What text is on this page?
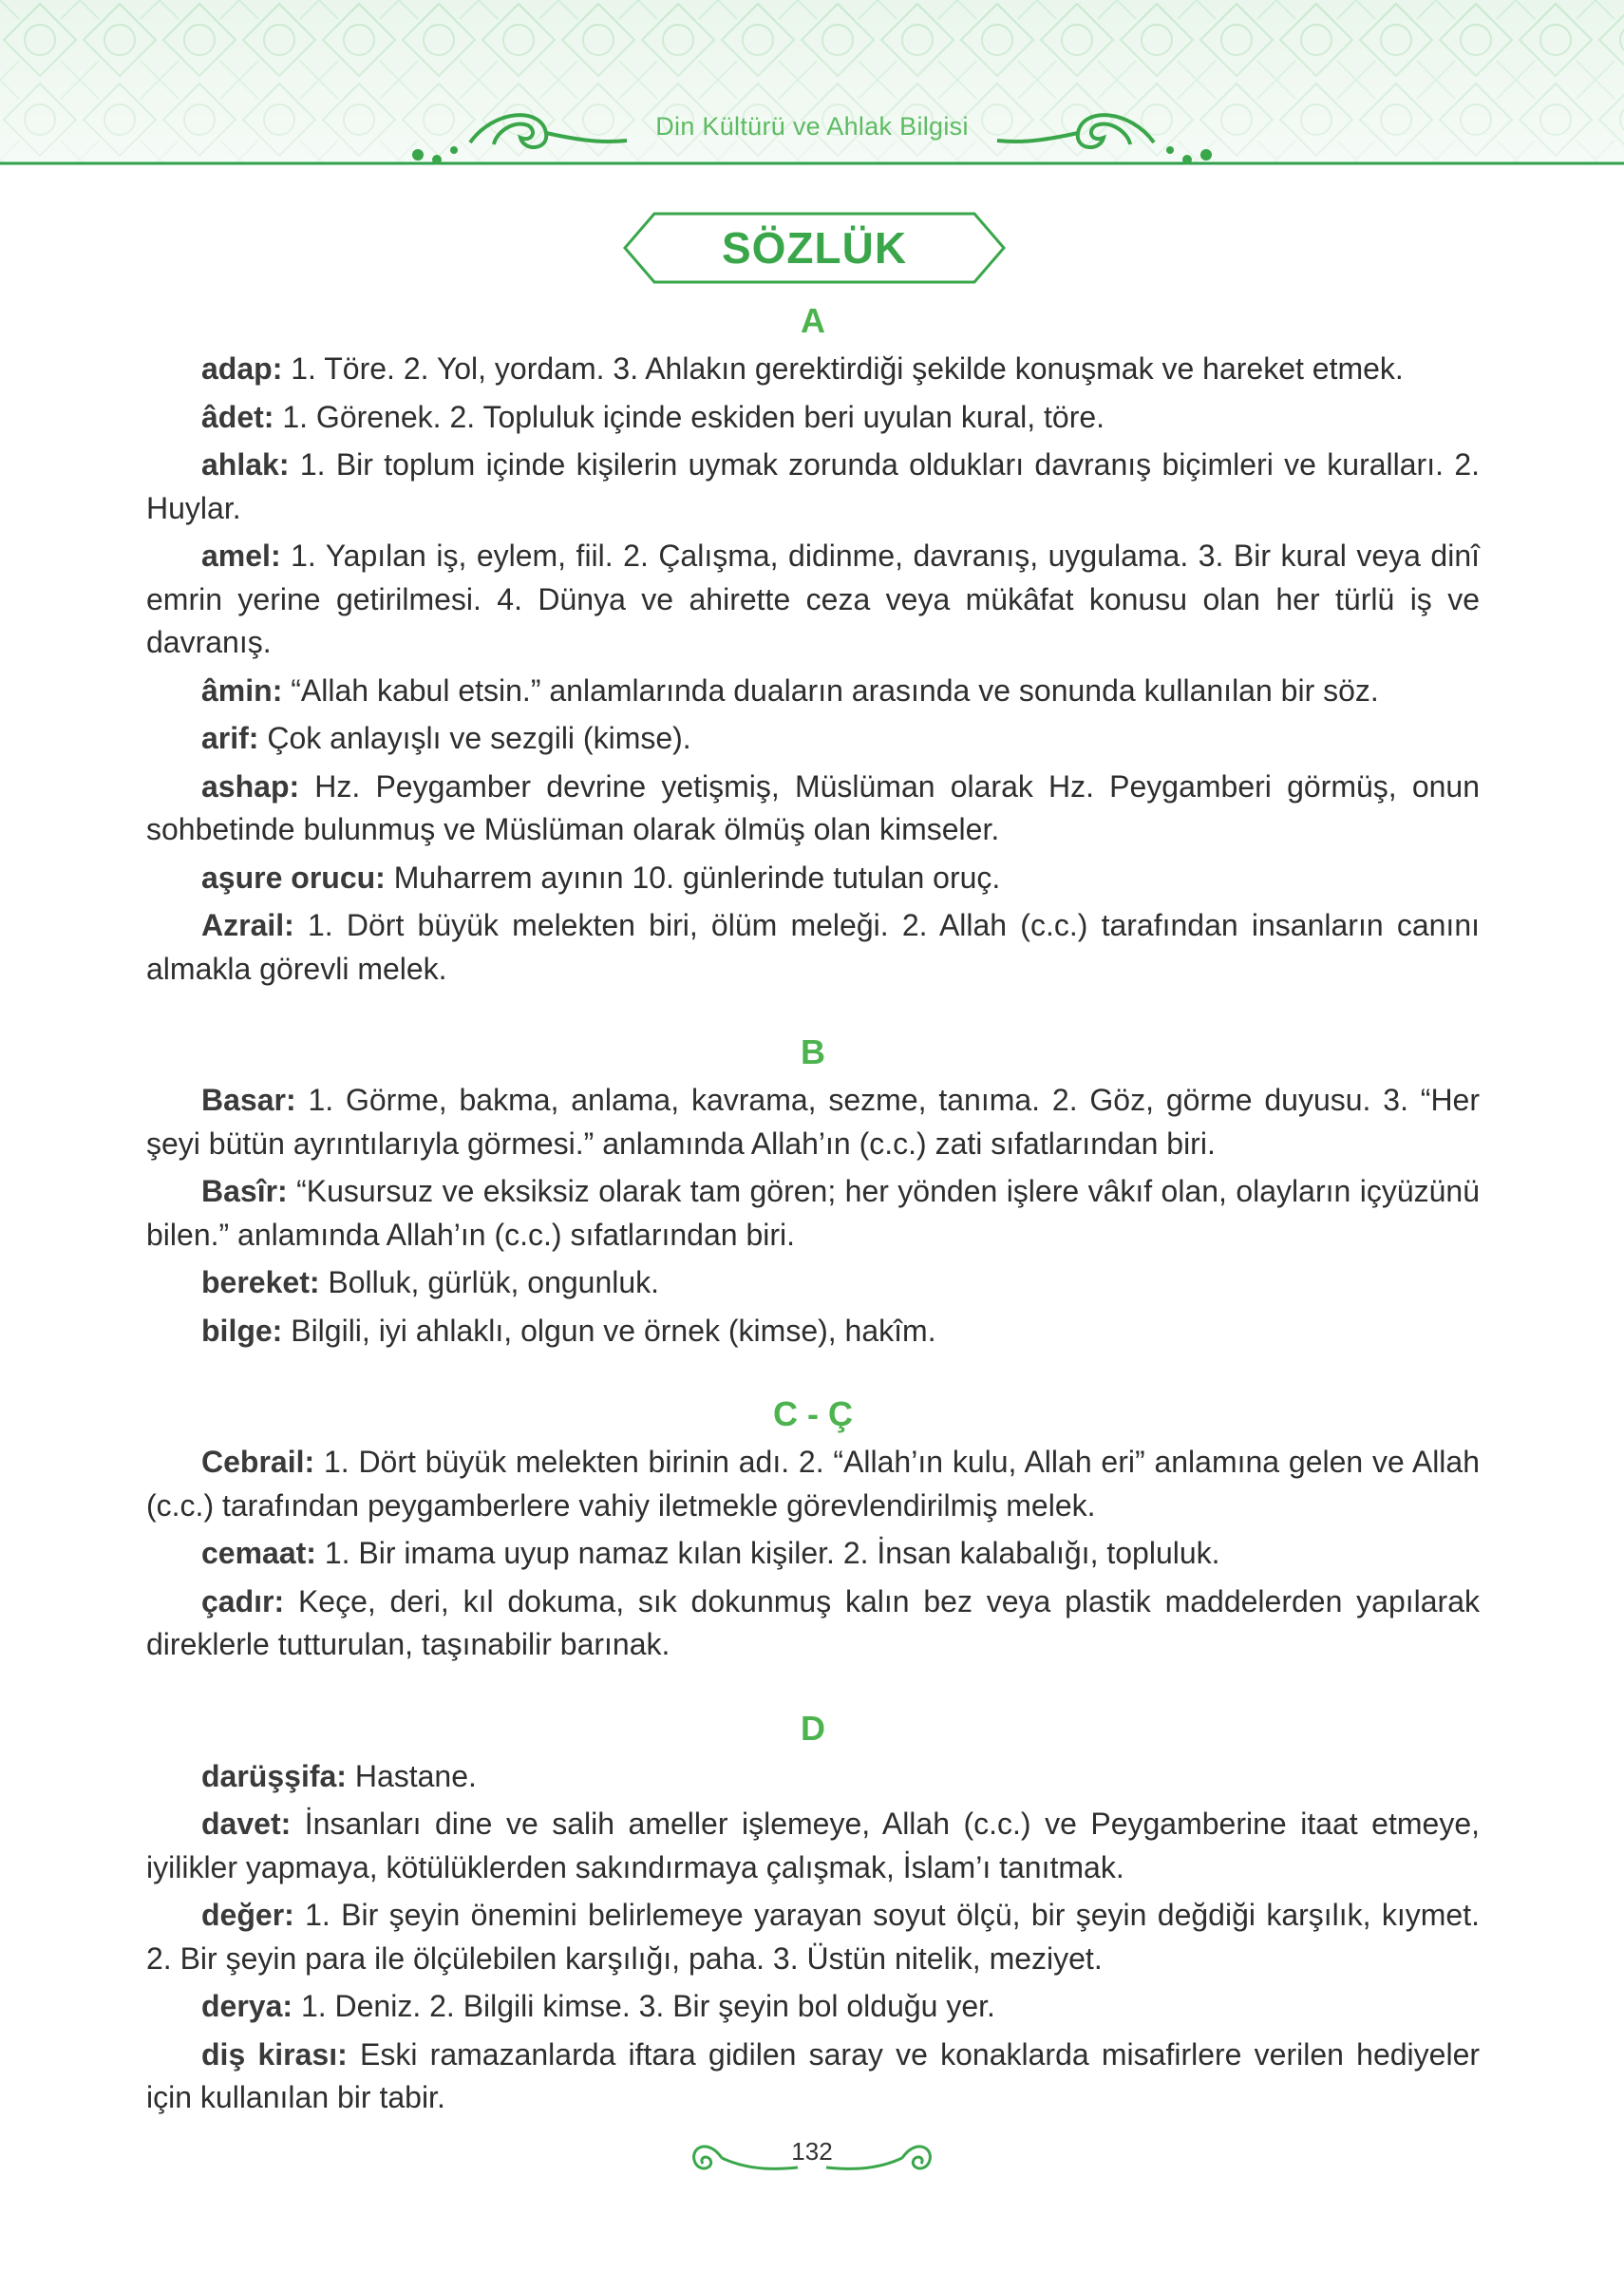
Din Kültürü ve Ahlak Bilgisi
SÖZLÜK
A

adap: 1. Töre. 2. Yol, yordam. 3. Ahlakın gerektirdiği şekilde konuşmak ve hareket etmek.

âdet: 1. Görenek. 2. Topluluk içinde eskiden beri uyulan kural, töre.

ahlak: 1. Bir toplum içinde kişilerin uymak zorunda oldukları davranış biçimleri ve kuralları. 2. Huylar.

amel: 1. Yapılan iş, eylem, fiil. 2. Çalışma, didinme, davranış, uygulama. 3. Bir kural veya dinî emrin yerine getirilmesi. 4. Dünya ve ahirette ceza veya mükâfat konusu olan her türlü iş ve davranış.

âmin: “Allah kabul etsin.” anlamlarında duaların arasında ve sonunda kullanılan bir söz.

arif: Çok anlayışlı ve sezgili (kimse).

ashap: Hz. Peygamber devrine yetişmiş, Müslüman olarak Hz. Peygamberi görmüş, onun sohbetinde bulunmuş ve Müslüman olarak ölmüş olan kimseler.

aşure orucu: Muharrem ayının 10. günlerinde tutulan oruç.

Azrail: 1. Dört büyük melekten biri, ölüm meleği. 2. Allah (c.c.) tarafından insanların canını almakla görevli melek.

B

Basar: 1. Görme, bakma, anlama, kavrama, sezme, tanıma. 2. Göz, görme duyusu. 3. “Her şeyi bütün ayrıntılarıyla görmesi.” anlamında Allah’ın (c.c.) zati sıfatlarından biri.

Basîr: “Kusursuz ve eksiksiz olarak tam gören; her yönden işlere vâkıf olan, olayların içyüzünü bilen.” anlamında Allah’ın (c.c.) sıfatlarından biri.

bereket: Bolluk, gürlük, ongunluk.

bilge: Bilgili, iyi ahlaklı, olgun ve örnek (kimse), hakîm.

C - Ç

Cebrail: 1. Dört büyük melekten birinin adı. 2. “Allah’ın kulu, Allah eri” anlamına gelen ve Allah (c.c.) tarafından peygamberlere vahiy iletmekle görevlendirilmiş melek.

cemaat: 1. Bir imama uyup namaz kılan kişiler. 2. İnsan kalabalığı, topluluk.

çadır: Keçe, deri, kıl dokuma, sık dokunmuş kalın bez veya plastik maddelerden yapılarak direklerle tutturulan, taşınabilir barınak.

D

darüşşifa: Hastane.

davet: İnsanları dine ve salih ameller işlemeye, Allah (c.c.) ve Peygamberine itaat etmeye, iyilikler yapmaya, kötülüklerden sakındırmaya çalışmak, İslam’ı tanıtmak.

değer: 1. Bir şeyin önemini belirlemeye yarayan soyut ölçü, bir şeyin değdiği karşılık, kıymet. 2. Bir şeyin para ile ölçülebilen karşılığı, paha. 3. Üstün nitelik, meziyet.

derya: 1. Deniz. 2. Bilgili kimse. 3. Bir şeyin bol olduğu yer.

diş kirası: Eski ramazanlarda iftara gidilen saray ve konaklarda misafirlere verilen hediyeler için kullanılan bir tabir.

132
